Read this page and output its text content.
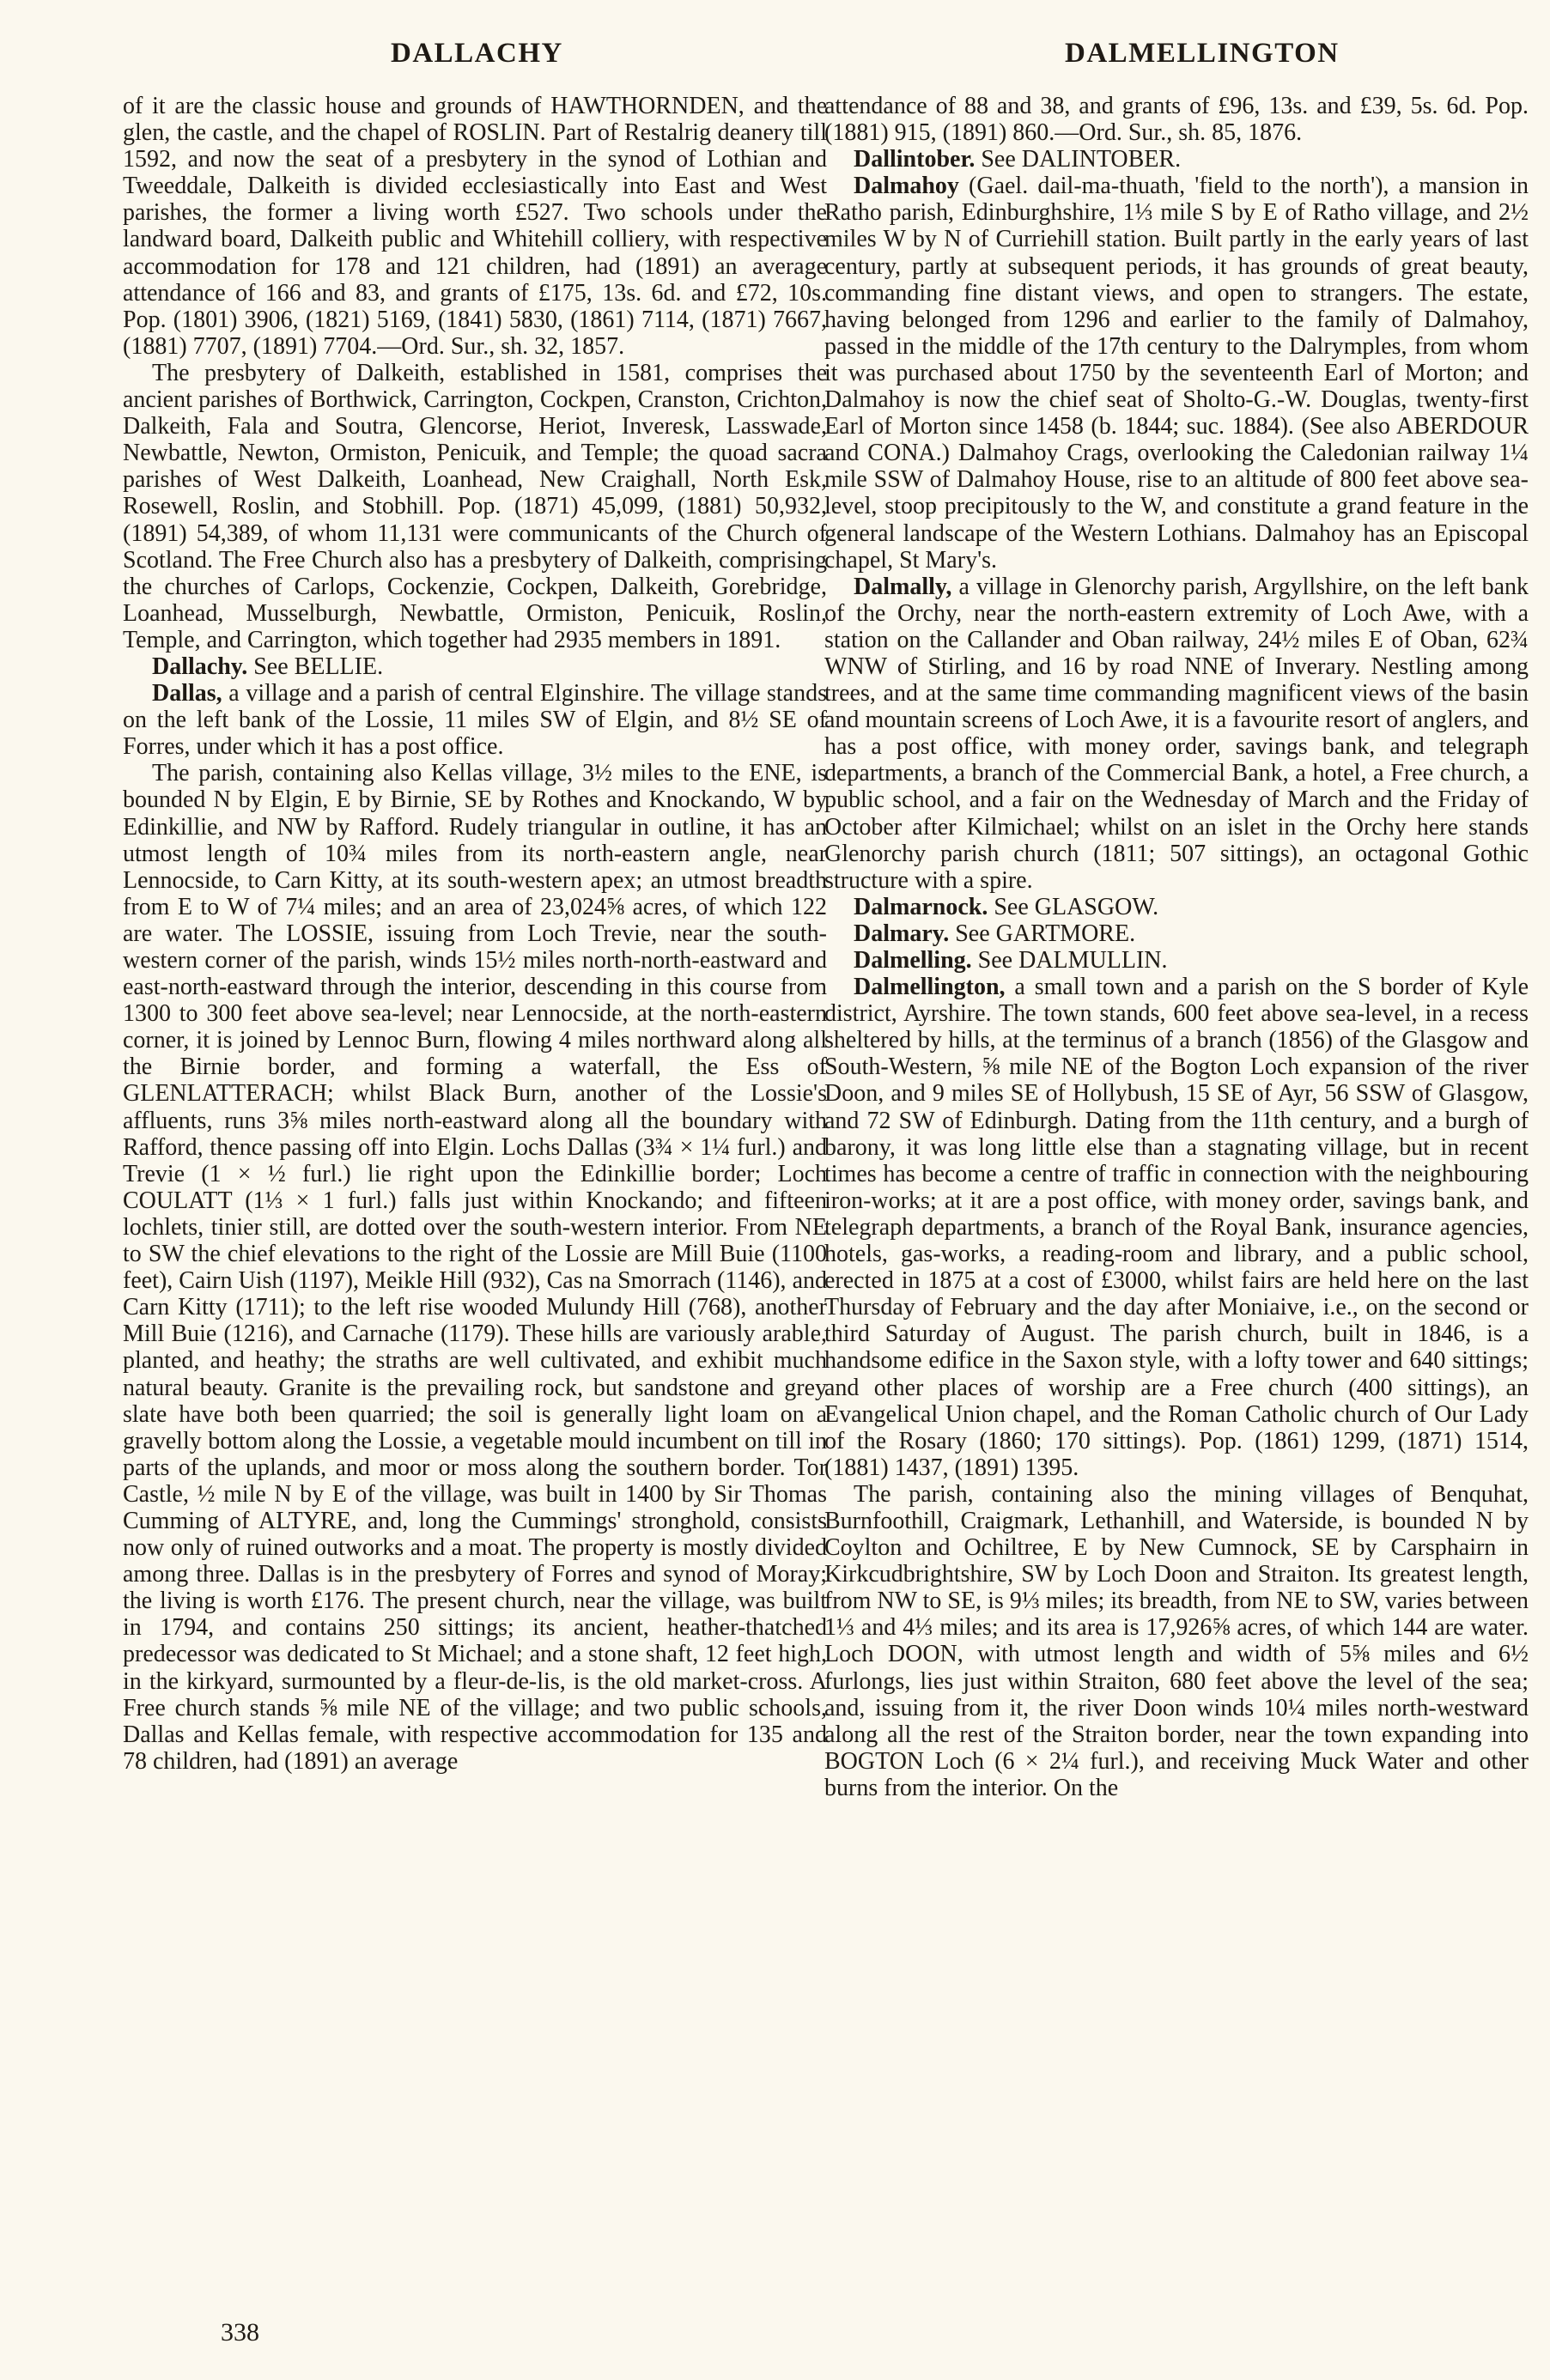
DALLACHY	DALMELLINGTON

of it are the classic house and grounds of HAWTHORNDEN, and the glen, the castle, and the chapel of ROSLIN. Part of Restalrig deanery till 1592, and now the seat of a presbytery in the synod of Lothian and Tweeddale, Dalkeith is divided ecclesiastically into East and West parishes, the former a living worth £527. Two schools under the landward board, Dalkeith public and Whitehill colliery, with respective accommodation for 178 and 121 children, had (1891) an average attendance of 166 and 83, and grants of £175, 13s. 6d. and £72, 10s. Pop. (1801) 3906, (1821) 5169, (1841) 5830, (1861) 7114, (1871) 7667, (1881) 7707, (1891) 7704.—Ord. Sur., sh. 32, 1857.

The presbytery of Dalkeith, established in 1581, comprises the ancient parishes of Borthwick, Carrington, Cockpen, Cranston, Crichton, Dalkeith, Fala and Soutra, Glencorse, Heriot, Inveresk, Lasswade, Newbattle, Newton, Ormiston, Penicuik, and Temple; the quoad sacra parishes of West Dalkeith, Loanhead, New Craighall, North Esk, Rosewell, Roslin, and Stobhill. Pop. (1871) 45,099, (1881) 50,932, (1891) 54,389, of whom 11,131 were communicants of the Church of Scotland. The Free Church also has a presbytery of Dalkeith, comprising the churches of Carlops, Cockenzie, Cockpen, Dalkeith, Gorebridge, Loanhead, Musselburgh, Newbattle, Ormiston, Penicuik, Roslin, Temple, and Carrington, which together had 2935 members in 1891.

Dallachy. See BELLIE.

Dallas, a village and a parish of central Elginshire. The village stands on the left bank of the Lossie, 11 miles SW of Elgin, and 8½ SE of Forres, under which it has a post office.

The parish, containing also Kellas village, 3½ miles to the ENE, is bounded N by Elgin, E by Birnie, SE by Rothes and Knockando, W by Edinkillie, and NW by Rafford. Rudely triangular in outline, it has an utmost length of 10¾ miles from its north-eastern angle, near Lennocside, to Carn Kitty, at its south-western apex; an utmost breadth from E to W of 7¼ miles; and an area of 23,024⅝ acres, of which 122 are water. The LOSSIE, issuing from Loch Trevie, near the south-western corner of the parish, winds 15½ miles north-north-eastward and east-north-eastward through the interior, descending in this course from 1300 to 300 feet above sea-level; near Lennocside, at the north-eastern corner, it is joined by Lennoc Burn, flowing 4 miles northward along all the Birnie border, and forming a waterfall, the Ess of GLENLATTERACH; whilst Black Burn, another of the Lossie's affluents, runs 3⅝ miles north-eastward along all the boundary with Rafford, thence passing off into Elgin. Lochs Dallas (3¾ × 1¼ furl.) and Trevie (1 × ½ furl.) lie right upon the Edinkillie border; Loch COULATT (1⅓ × 1 furl.) falls just within Knockando; and fifteen lochlets, tinier still, are dotted over the south-western interior. From NE to SW the chief elevations to the right of the Lossie are Mill Buie (1100 feet), Cairn Uish (1197), Meikle Hill (932), Cas na Smorrach (1146), and Carn Kitty (1711); to the left rise wooded Mulundy Hill (768), another Mill Buie (1216), and Carnache (1179). These hills are variously arable, planted, and heathy; the straths are well cultivated, and exhibit much natural beauty. Granite is the prevailing rock, but sandstone and grey slate have both been quarried; the soil is generally light loam on a gravelly bottom along the Lossie, a vegetable mould incumbent on till in parts of the uplands, and moor or moss along the southern border. Tor Castle, ½ mile N by E of the village, was built in 1400 by Sir Thomas Cumming of ALTYRE, and, long the Cummings' stronghold, consists now only of ruined outworks and a moat. The property is mostly divided among three. Dallas is in the presbytery of Forres and synod of Moray; the living is worth £176. The present church, near the village, was built in 1794, and contains 250 sittings; its ancient, heather-thatched predecessor was dedicated to St Michael; and a stone shaft, 12 feet high, in the kirkyard, surmounted by a fleur-de-lis, is the old market-cross. A Free church stands ⅝ mile NE of the village; and two public schools, Dallas and Kellas female, with respective accommodation for 135 and 78 children, had (1891) an average

attendance of 88 and 38, and grants of £96, 13s. and £39, 5s. 6d. Pop. (1881) 915, (1891) 860.—Ord. Sur., sh. 85, 1876.

Dallintober. See DALINTOBER.

Dalmahoy (Gael. dail-ma-thuath, 'field to the north'), a mansion in Ratho parish, Edinburghshire, 1⅓ mile S by E of Ratho village, and 2½ miles W by N of Curriehill station. Built partly in the early years of last century, partly at subsequent periods, it has grounds of great beauty, commanding fine distant views, and open to strangers. The estate, having belonged from 1296 and earlier to the family of Dalmahoy, passed in the middle of the 17th century to the Dalrymples, from whom it was purchased about 1750 by the seventeenth Earl of Morton; and Dalmahoy is now the chief seat of Sholto-G.-W. Douglas, twenty-first Earl of Morton since 1458 (b. 1844; suc. 1884). (See also ABERDOUR and CONA.) Dalmahoy Crags, overlooking the Caledonian railway 1¼ mile SSW of Dalmahoy House, rise to an altitude of 800 feet above sea-level, stoop precipitously to the W, and constitute a grand feature in the general landscape of the Western Lothians. Dalmahoy has an Episcopal chapel, St Mary's.

Dalmally, a village in Glenorchy parish, Argyllshire, on the left bank of the Orchy, near the north-eastern extremity of Loch Awe, with a station on the Callander and Oban railway, 24½ miles E of Oban, 62¾ WNW of Stirling, and 16 by road NNE of Inverary. Nestling among trees, and at the same time commanding magnificent views of the basin and mountain screens of Loch Awe, it is a favourite resort of anglers, and has a post office, with money order, savings bank, and telegraph departments, a branch of the Commercial Bank, a hotel, a Free church, a public school, and a fair on the Wednesday of March and the Friday of October after Kilmichael; whilst on an islet in the Orchy here stands Glenorchy parish church (1811; 507 sittings), an octagonal Gothic structure with a spire.

Dalmarnock. See GLASGOW.

Dalmary. See GARTMORE.

Dalmelling. See DALMULLIN.

Dalmellington, a small town and a parish on the S border of Kyle district, Ayrshire. The town stands, 600 feet above sea-level, in a recess sheltered by hills, at the terminus of a branch (1856) of the Glasgow and South-Western, ⅝ mile NE of the Bogton Loch expansion of the river Doon, and 9 miles SE of Hollybush, 15 SE of Ayr, 56 SSW of Glasgow, and 72 SW of Edinburgh. Dating from the 11th century, and a burgh of barony, it was long little else than a stagnating village, but in recent times has become a centre of traffic in connection with the neighbouring iron-works; at it are a post office, with money order, savings bank, and telegraph departments, a branch of the Royal Bank, insurance agencies, hotels, gas-works, a reading-room and library, and a public school, erected in 1875 at a cost of £3000, whilst fairs are held here on the last Thursday of February and the day after Moniaive, i.e., on the second or third Saturday of August. The parish church, built in 1846, is a handsome edifice in the Saxon style, with a lofty tower and 640 sittings; and other places of worship are a Free church (400 sittings), an Evangelical Union chapel, and the Roman Catholic church of Our Lady of the Rosary (1860; 170 sittings). Pop. (1861) 1299, (1871) 1514, (1881) 1437, (1891) 1395.

The parish, containing also the mining villages of Benquhat, Burnfoothill, Craigmark, Lethanhill, and Waterside, is bounded N by Coylton and Ochiltree, E by New Cumnock, SE by Carsphairn in Kirkcudbrightshire, SW by Loch Doon and Straiton. Its greatest length, from NW to SE, is 9⅓ miles; its breadth, from NE to SW, varies between 1⅓ and 4⅓ miles; and its area is 17,926⅝ acres, of which 144 are water. Loch DOON, with utmost length and width of 5⅝ miles and 6½ furlongs, lies just within Straiton, 680 feet above the level of the sea; and, issuing from it, the river Doon winds 10¼ miles north-westward along all the rest of the Straiton border, near the town expanding into BOGTON Loch (6 × 2¼ furl.), and receiving Muck Water and other burns from the interior. On the

338
